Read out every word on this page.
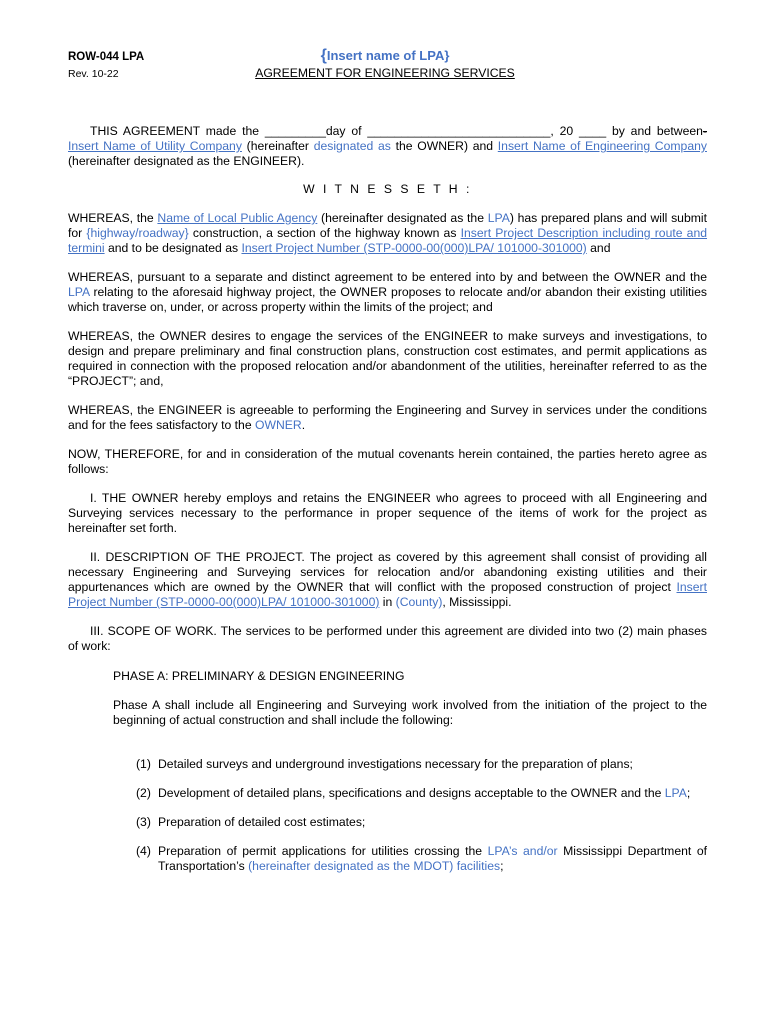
ROW-044 LPA
Rev. 10-22
{Insert name of LPA}
AGREEMENT FOR ENGINEERING SERVICES

THIS AGREEMENT made the _________day of ___________________________, 20 ____ by and between-Insert Name of Utility Company (hereinafter designated as the OWNER) and Insert Name of Engineering Company (hereinafter designated as the ENGINEER).

W I T N E S S E T H :

WHEREAS, the Name of Local Public Agency (hereinafter designated as the LPA) has prepared plans and will submit for {highway/roadway} construction, a section of the highway known as Insert Project Description including route and termini and to be designated as Insert Project Number (STP-0000-00(000)LPA/ 101000-301000) and

WHEREAS, pursuant to a separate and distinct agreement to be entered into by and between the OWNER and the LPA relating to the aforesaid highway project, the OWNER proposes to relocate and/or abandon their existing utilities which traverse on, under, or across property within the limits of the project; and

WHEREAS, the OWNER desires to engage the services of the ENGINEER to make surveys and investigations, to design and prepare preliminary and final construction plans, construction cost estimates, and permit applications as required in connection with the proposed relocation and/or abandonment of the utilities, hereinafter referred to as the “PROJECT”; and,

WHEREAS, the ENGINEER is agreeable to performing the Engineering and Survey in services under the conditions and for the fees satisfactory to the OWNER.

NOW, THEREFORE, for and in consideration of the mutual covenants herein contained, the parties hereto agree as follows:

I. THE OWNER hereby employs and retains the ENGINEER who agrees to proceed with all Engineering and Surveying services necessary to the performance in proper sequence of the items of work for the project as hereinafter set forth.

II. DESCRIPTION OF THE PROJECT. The project as covered by this agreement shall consist of providing all necessary Engineering and Surveying services for relocation and/or abandoning existing utilities and their appurtenances which are owned by the OWNER that will conflict with the proposed construction of project Insert Project Number (STP-0000-00(000)LPA/ 101000-301000) in (County), Mississippi.

III. SCOPE OF WORK. The services to be performed under this agreement are divided into two (2) main phases of work:

PHASE A: PRELIMINARY & DESIGN ENGINEERING

Phase A shall include all Engineering and Surveying work involved from the initiation of the project to the beginning of actual construction and shall include the following:

(1) Detailed surveys and underground investigations necessary for the preparation of plans;

(2) Development of detailed plans, specifications and designs acceptable to the OWNER and the LPA;

(3) Preparation of detailed cost estimates;

(4) Preparation of permit applications for utilities crossing the LPA’s and/or Mississippi Department of Transportation’s (hereinafter designated as the MDOT) facilities;
